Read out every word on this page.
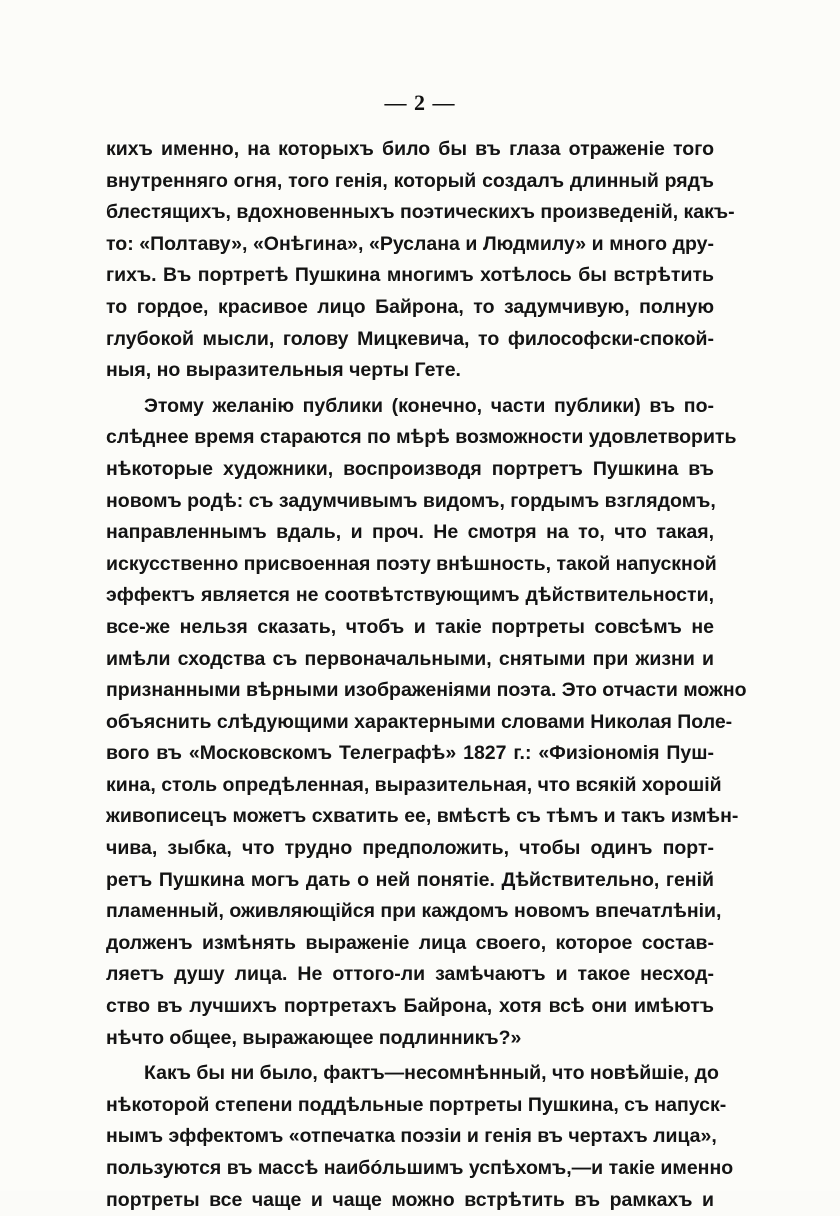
— 2 —
кихъ именно, на которыхъ било бы въ глаза отраженіе того
внутренняго огня, того генія, который создалъ длинный рядъ
блестящихъ, вдохновенныхъ поэтическихъ произведеній, какъ-
то: «Полтаву», «Онѣгина», «Руслана и Людмилу» и много дру-
гихъ. Въ портретѣ Пушкина многимъ хотѣлось бы встрѣтить
то гордое, красивое лицо Байрона, то задумчивую, полную
глубокой мысли, голову Мицкевича, то философски-спокой-
ныя, но выразительныя черты Гете.
Этому желанію публики (конечно, части публики) въ по-
слѣднее время стараются по мѣрѣ возможности удовлетворить
нѣкоторые художники, воспроизводя портретъ Пушкина въ
новомъ родѣ: съ задумчивымъ видомъ, гордымъ взглядомъ,
направленнымъ вдаль, и проч. Не смотря на то, что такая,
искусственно присвоенная поэту внѣшность, такой напускной
эффектъ является не соотвѣтствующимъ дѣйствительности,
все-же нельзя сказать, чтобъ и такіе портреты совсѣмъ не
имѣли сходства съ первоначальными, снятыми при жизни и
признанными вѣрными изображеніями поэта. Это отчасти можно
объяснить слѣдующими характерными словами Николая Поле-
вого въ «Московскомъ Телеграфѣ» 1827 г.: «Физіономія Пуш-
кина, столь опредѣленная, выразительная, что всякій хорошій
живописецъ можетъ схватить ее, вмѣстѣ съ тѣмъ и такъ измѣн-
чива, зыбка, что трудно предположить, чтобы одинъ порт-
ретъ Пушкина могъ дать о ней понятіе. Дѣйствительно, геній
пламенный, оживляющійся при каждомъ новомъ впечатлѣніи,
долженъ измѣнять выраженіе лица своего, которое состав-
ляетъ душу лица. Не оттого-ли замѣчаютъ и такое несход-
ство въ лучшихъ портретахъ Байрона, хотя всѣ они имѣютъ
нѣчто общее, выражающее подлинникъ?»
Какъ бы ни было, фактъ—несомнѣнный, что новѣйшіе, до
нѣкоторой степени поддѣльные портреты Пушкина, съ напуск-
нымъ эффектомъ «отпечатка поэзіи и генія въ чертахъ лица»,
пользуются въ массѣ наибóльшимъ успѣхомъ,—и такіе именно
портреты все чаще и чаще можно встрѣтить въ рамкахъ и
